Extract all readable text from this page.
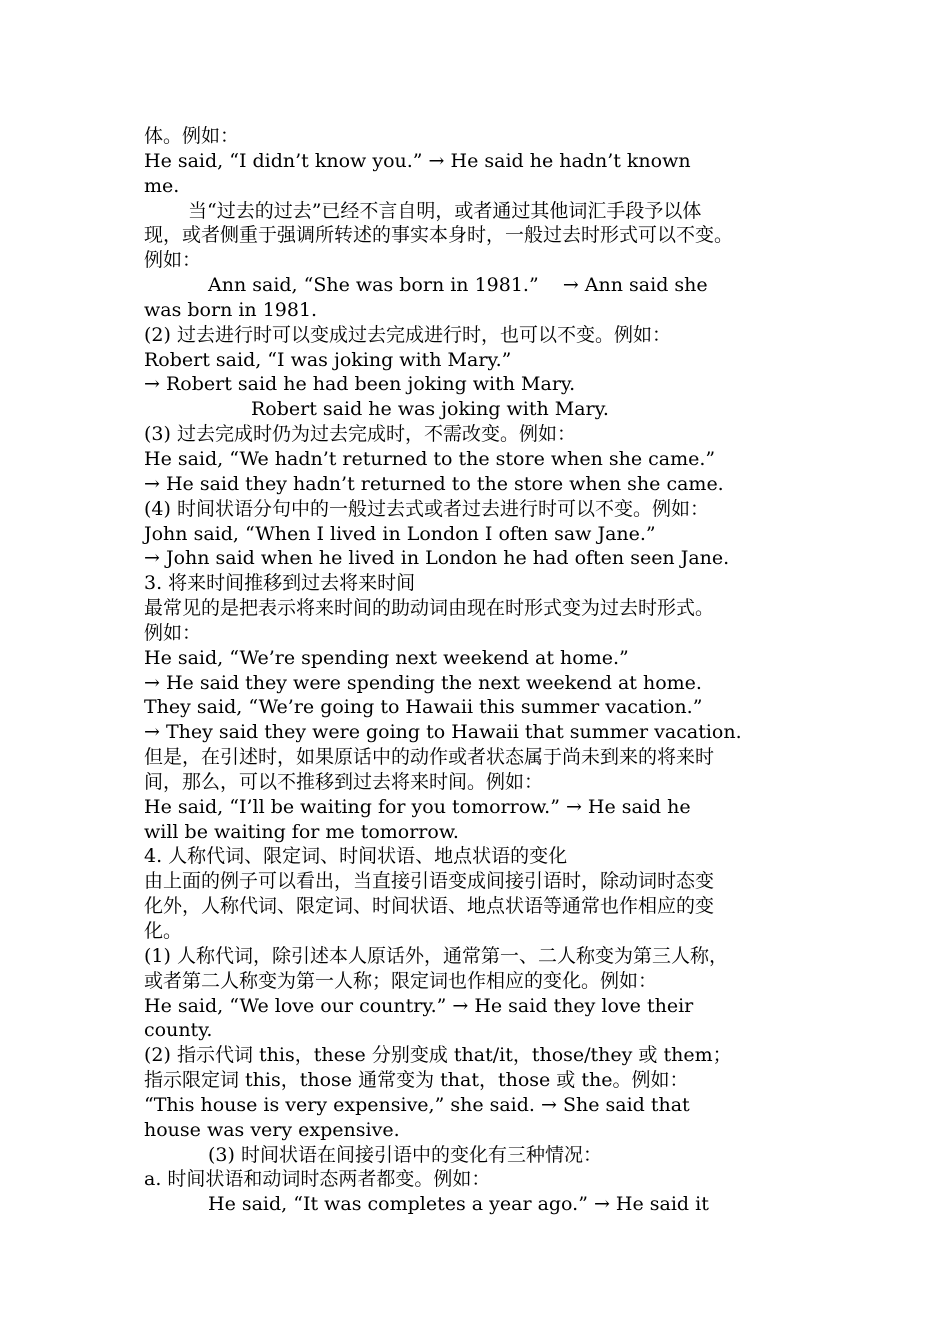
体。例如：
He said, “I didn’t know you.” → He said he hadn’t known
me.
当“过去的过去”已经不言自明，或者通过其他词汇手段予以体
现，或者侧重于强调所转述的事实本身时，一般过去时形式可以不变。
例如：
Ann said, “She was born in 1981.”    → Ann said she
was born in 1981.
(2) 过去进行时可以变成过去完成进行时，也可以不变。例如：
Robert said, “I was joking with Mary.”
→ Robert said he had been joking with Mary.
Robert said he was joking with Mary.
(3) 过去完成时仍为过去完成时，不需改变。例如：
He said, “We hadn’t returned to the store when she came.”
→ He said they hadn’t returned to the store when she came.
(4) 时间状语分句中的一般过去式或者过去进行时可以不变。例如：
John said, “When I lived in London I often saw Jane.”
→ John said when he lived in London he had often seen Jane.
3. 将来时间推移到过去将来时间
最常见的是把表示将来时间的助动词由现在时形式变为过去时形式。
例如：
He said, “We’re spending next weekend at home.”
→ He said they were spending the next weekend at home.
They said, “We’re going to Hawaii this summer vacation.”
→ They said they were going to Hawaii that summer vacation.
但是，在引述时，如果原话中的动作或者状态属于尚未到来的将来时
间，那么，可以不推移到过去将来时间。例如：
He said, “I’ll be waiting for you tomorrow.” → He said he
will be waiting for me tomorrow.
4. 人称代词、限定词、时间状语、地点状语的变化
由上面的例子可以看出，当直接引语变成间接引语时，除动词时态变
化外，人称代词、限定词、时间状语、地点状语等通常也作相应的变
化。
(1) 人称代词，除引述本人原话外，通常第一、二人称变为第三人称，
或者第二人称变为第一人称；限定词也作相应的变化。例如：
He said, “We love our country.” → He said they love their
county.
(2) 指示代词 this，these 分别变成 that/it，those/they 或 them；
指示限定词 this，those 通常变为 that，those 或 the。例如：
“This house is very expensive,” she said. → She said that
house was very expensive.
(3) 时间状语在间接引语中的变化有三种情况：
a. 时间状语和动词时态两者都变。例如：
He said, “It was completes a year ago.” → He said it
